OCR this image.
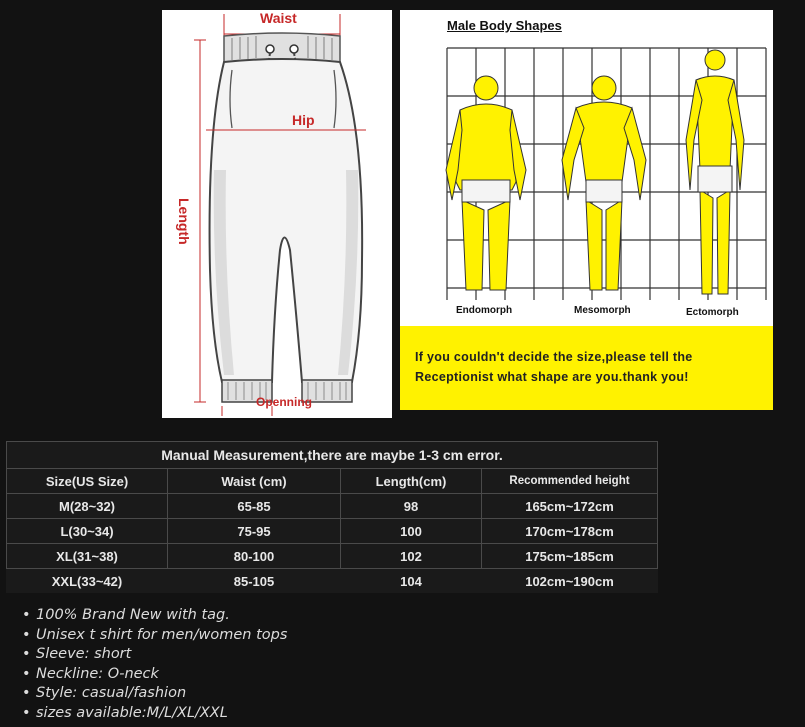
Waist
Hip
Length
Openning
Male Body Shapes
Endomorph	Mesomorph	Ectomorph
If you couldn't decide the size,please tell the
Receptionist what shape are you.thank you!
Manual Measurement,there are maybe 1-3 cm error.			
Size(US Size)	Waist (cm)	Length(cm)	Recommended height
M(28~32)	65-85	98	165cm~172cm
L(30~34)	75-95	100	170cm~178cm
XL(31~38)	80-100	102	175cm~185cm
XXL(33~42)	85-105	104	102cm~190cm
• 100% Brand New with tag.
• Unisex t shirt for men/women tops
• Sleeve: short
• Neckline: O-neck
• Style: casual/fashion
• sizes available:M/L/XL/XXL
